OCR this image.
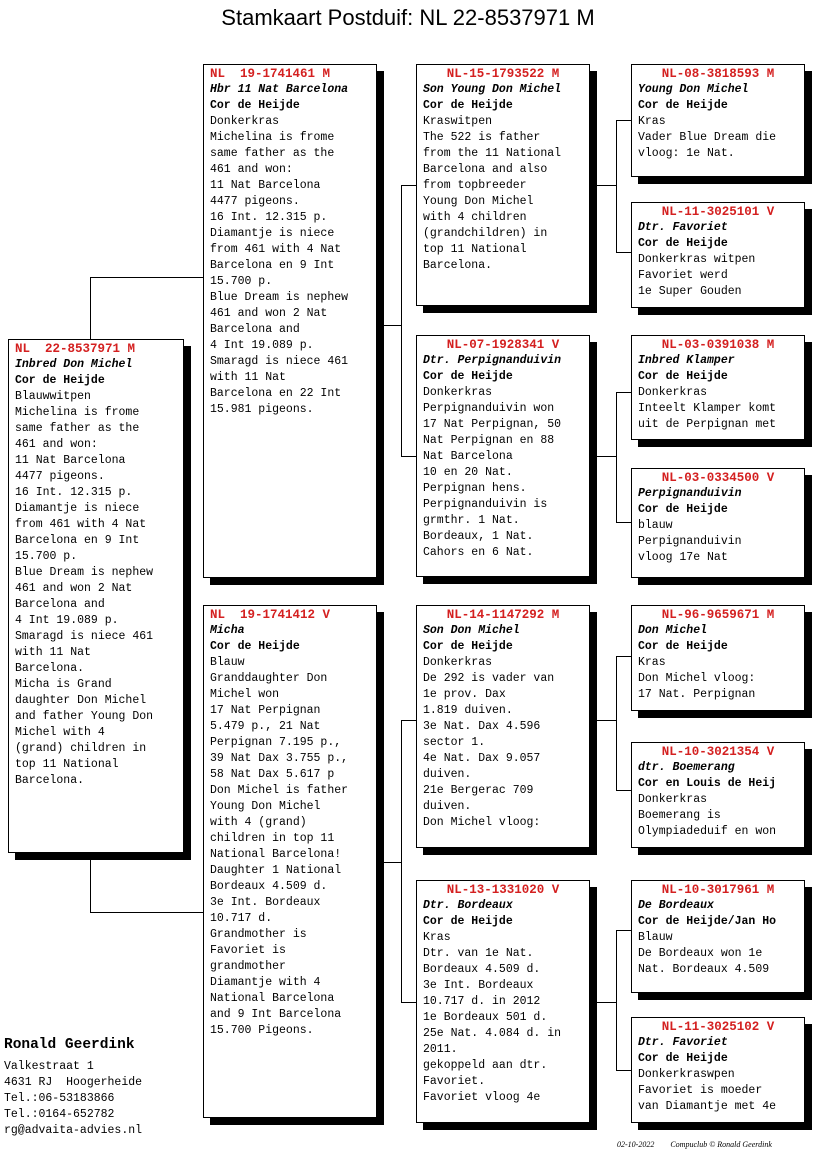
Stamkaart Postduif: NL 22-8537971 M
NL  22-8537971 M
Inbred Don Michel
Cor de Heijde
Blauwwitpen
Michelina is frome
same father as the
461 and won:
11 Nat Barcelona
4477 pigeons.
16 Int. 12.315 p.
Diamantje is niece
from 461 with 4 Nat
Barcelona en 9 Int
15.700 p.
Blue Dream is nephew
461 and won 2 Nat
Barcelona and
4 Int 19.089 p.
Smaragd is niece 461
with 11 Nat
Barcelona.
Micha is Grand
daughter Don Michel
and father Young Don
Michel with 4
(grand) children in
top 11 National
Barcelona.
NL  19-1741461 M
Hbr 11 Nat Barcelona
Cor de Heijde
Donkerkras
Michelina is frome
same father as the
461 and won:
11 Nat Barcelona
4477 pigeons.
16 Int. 12.315 p.
Diamantje is niece
from 461 with 4 Nat
Barcelona en 9 Int
15.700 p.
Blue Dream is nephew
461 and won 2 Nat
Barcelona and
4 Int 19.089 p.
Smaragd is niece 461
with 11 Nat
Barcelona en 22 Int
15.981 pigeons.
NL  19-1741412 V
Micha
Cor de Heijde
Blauw
Granddaughter Don
Michel won
17 Nat Perpignan
5.479 p., 21 Nat
Perpignan 7.195 p.,
39 Nat Dax 3.755 p.,
58 Nat Dax 5.617 p
Don Michel is father
Young Don Michel
with 4 (grand)
children in top 11
National Barcelona!
Daughter 1 National
Bordeaux 4.509 d.
3e Int. Bordeaux
10.717 d.
Grandmother is
Favoriet is
grandmother
Diamantje with 4
National Barcelona
and 9 Int Barcelona
15.700 Pigeons.
NL-15-1793522 M
Son Young Don Michel
Cor de Heijde
Kraswitpen
The 522 is father
from the 11 National
Barcelona and also
from topbreeder
Young Don Michel
with 4 children
(grandchildren) in
top 11 National
Barcelona.
NL-07-1928341 V
Dtr. Perpignanduivin
Cor de Heijde
Donkerkras
Perpignanduivin won
17 Nat Perpignan, 50
Nat Perpignan en 88
Nat Barcelona
10 en 20 Nat.
Perpignan hens.
Perpignanduivin is
grmthr. 1 Nat.
Bordeaux, 1 Nat.
Cahors en 6 Nat.
NL-14-1147292 M
Son Don Michel
Cor de Heijde
Donkerkras
De 292 is vader van
1e prov. Dax
1.819 duiven.
3e Nat. Dax 4.596
sector 1.
4e Nat. Dax 9.057
duiven.
21e Bergerac 709
duiven.
Don Michel vloog:
NL-13-1331020 V
Dtr. Bordeaux
Cor de Heijde
Kras
Dtr. van 1e Nat.
Bordeaux 4.509 d.
3e Int. Bordeaux
10.717 d. in 2012
1e Bordeaux 501 d.
25e Nat. 4.084 d. in
2011.
gekoppeld aan dtr.
Favoriet.
Favoriet vloog 4e
NL-08-3818593 M
Young Don Michel
Cor de Heijde
Kras
Vader Blue Dream die
vloog: 1e Nat.
NL-11-3025101 V
Dtr. Favoriet
Cor de Heijde
Donkerkras witpen
Favoriet werd
1e Super Gouden
NL-03-0391038 M
Inbred Klamper
Cor de Heijde
Donkerkras
Inteelt Klamper komt
uit de Perpignan met
NL-03-0334500 V
Perpignanduivin
Cor de Heijde
blauw
Perpignanduivin
vloog 17e Nat
NL-96-9659671 M
Don Michel
Cor de Heijde
Kras
Don Michel vloog:
17 Nat. Perpignan
NL-10-3021354 V
dtr. Boemerang
Cor en Louis de Heij
Donkerkras
Boemerang is
Olympiadeduif en won
NL-10-3017961 M
De Bordeaux
Cor de Heijde/Jan Ho
Blauw
De Bordeaux won 1e
Nat. Bordeaux 4.509
NL-11-3025102 V
Dtr. Favoriet
Cor de Heijde
Donkerkraswpen
Favoriet is moeder
van Diamantje met 4e
Ronald Geerdink
Valkestraat 1
4631 RJ  Hoogerheide
Tel.:06-53183866
Tel.:0164-652782
rg@advaita-advies.nl
02-10-2022 Compuclub © Ronald Geerdink
